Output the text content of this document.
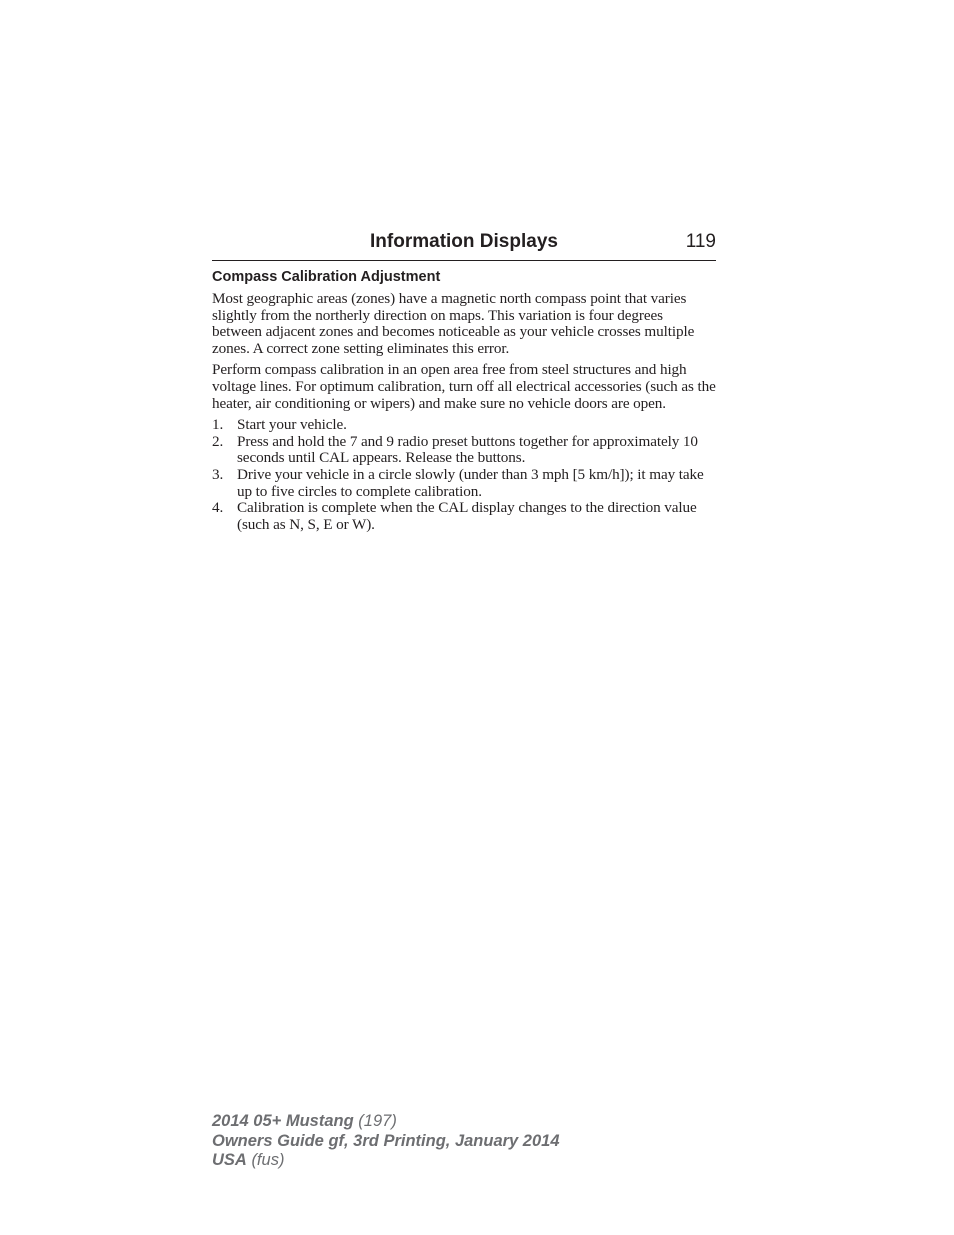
Information Displays	119
Compass Calibration Adjustment

Most geographic areas (zones) have a magnetic north compass point that varies slightly from the northerly direction on maps. This variation is four degrees between adjacent zones and becomes noticeable as your vehicle crosses multiple zones. A correct zone setting eliminates this error.

Perform compass calibration in an open area free from steel structures and high voltage lines. For optimum calibration, turn off all electrical accessories (such as the heater, air conditioning or wipers) and make sure no vehicle doors are open.

1. Start your vehicle.
2. Press and hold the 7 and 9 radio preset buttons together for approximately 10 seconds until CAL appears. Release the buttons.
3. Drive your vehicle in a circle slowly (under than 3 mph [5 km/h]); it may take up to five circles to complete calibration.
4. Calibration is complete when the CAL display changes to the direction value (such as N, S, E or W).
2014 05+ Mustang (197)
Owners Guide gf, 3rd Printing, January 2014
USA (fus)
